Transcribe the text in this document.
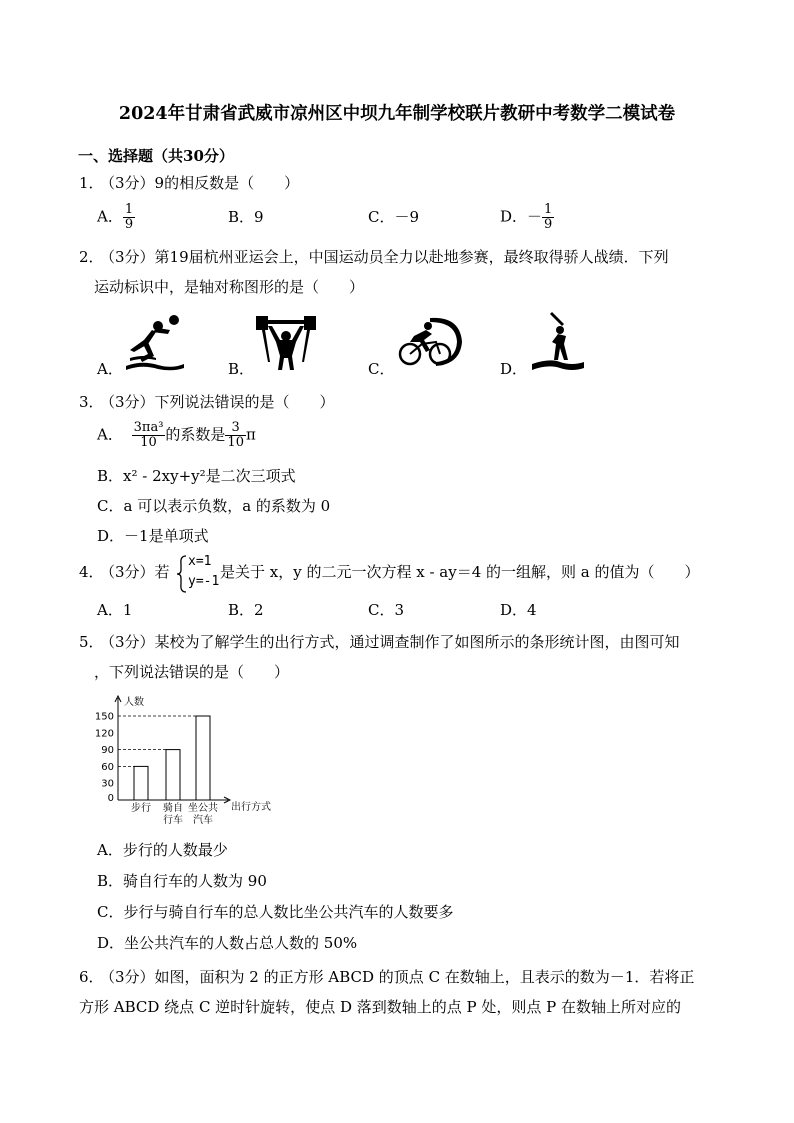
2024年甘肃省武威市凉州区中坝九年制学校联片教研中考数学二模试卷
一、选择题（共30分）
1．
（3分）9的相反数是（　　）
A． $\frac{1}{9}$	B．9	C．－9	D．－ $\frac{1}{9}$
2．
（3分）第19届杭州亚运会上，中国运动员全力以赴地参赛，最终取得骄人战绩．下列
运动标识中，是轴对称图形的是（　　）
A．	B．	C．	D．
3．
（3分）下列说法错误的是（　　）
A． $\frac{\text{3πa³}}{10}$ 的系数是 $\frac{3}{10}$ π
B．x² - 2xy+y²是二次三项式
C．a 可以表示负数，a 的系数为 0
D．－1是单项式
4．
（3分）若
x=1
y=-1
是关于 x，y 的二元一次方程 x - ay＝4 的一组解，则 a 的值为（　　）
A．1	B．2	C．3	D．4
5．
（3分）某校为了解学生的出行方式，通过调查制作了如图所示的条形统计图，由图可知
，下列说法错误的是（　　）
0
30
60
90
120
150
人数
出行方式
步行 骑自
行车
坐公共
汽车
A．步行的人数最少
B．骑自行车的人数为 90
C．步行与骑自行车的总人数比坐公共汽车的人数要多
D．坐公共汽车的人数占总人数的 50%
6．
（3分）如图，面积为 2 的正方形 ABCD 的顶点 C 在数轴上，且表示的数为－1．若将正
方形 ABCD 绕点 C 逆时针旋转，使点 D 落到数轴上的点 P 处，则点 P 在数轴上所对应的
